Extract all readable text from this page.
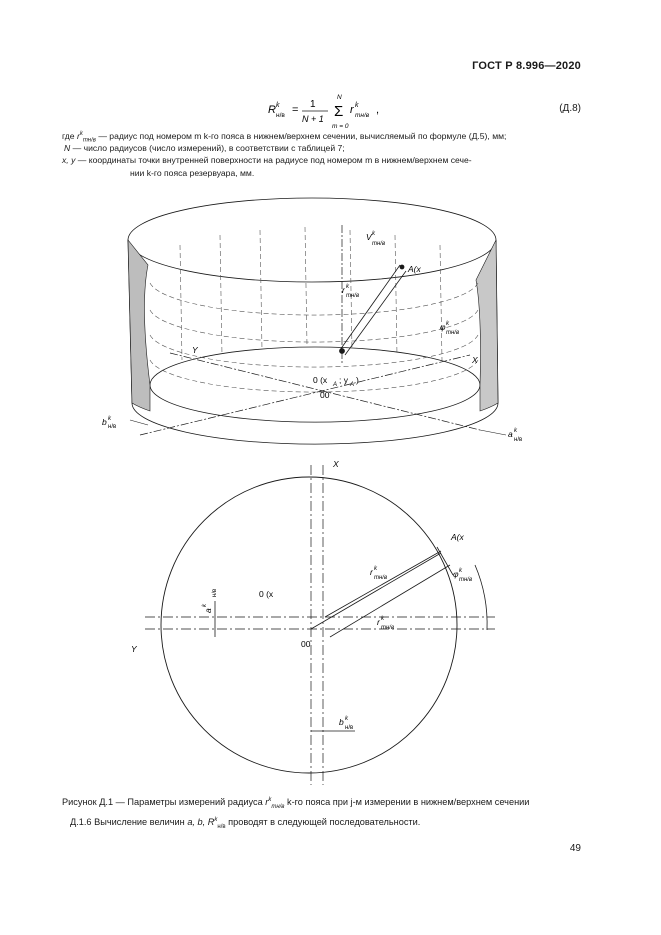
ГОСТ Р 8.996—2020
R k
н/в = 1
N + 1 Σ
N
m = 0
r k
mн/в ,	(Д.8)
где $r^k_{mн/в}$ — радиус под номером m k-го пояса в нижнем/верхнем сечении, вычисляемый по формуле (Д.5), мм;
N — число радиусов (число измерений), в соответствии с таблицей 7;
x, y — координаты точки внутренней поверхности на радиусе под номером m в нижнем/верхнем сече-
нии k-го пояса резервуара, мм.
A(x
V k
mн/в
r k
mн/в
φ k
mн/в
Y
X
0 (x A ; y A )
00
b k
н/в
a k
н/в
X
Y
A(x
0 (x
00
r k
mн/в
r k
mн/в
φ k
mн/в
a
k
н/в
b k
н/в
Рисунок Д.1 — Параметры измерений радиуса $r^k_{mн/в}$ k-го пояса при j-м измерении в нижнем/верхнем сечении
Д.1.6 Вычисление величин a, b, $R^k_{н/в}$ проводят в следующей последовательности.
49
